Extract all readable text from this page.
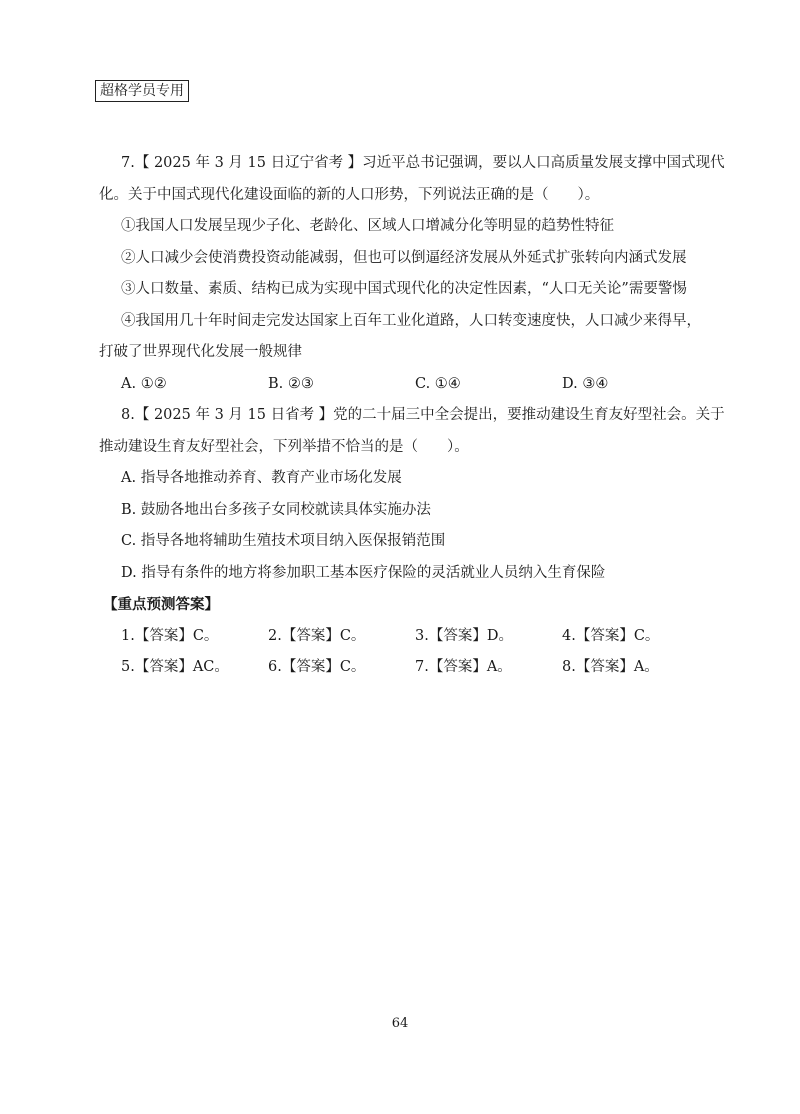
超格学员专用
7.【 2025 年 3 月 15 日辽宁省考 】习近平总书记强调，要以人口高质量发展支撑中国式现代
化。关于中国式现代化建设面临的新的人口形势，下列说法正确的是（　　）。
①我国人口发展呈现少子化、老龄化、区域人口增减分化等明显的趋势性特征
②人口减少会使消费投资动能减弱，但也可以倒逼经济发展从外延式扩张转向内涵式发展
③人口数量、素质、结构已成为实现中国式现代化的决定性因素，“人口无关论”需要警惕
④我国用几十年时间走完发达国家上百年工业化道路，人口转变速度快，人口减少来得早，
打破了世界现代化发展一般规律
A. ①②	B. ②③	C. ①④	D. ③④
8.【 2025 年 3 月 15 日省考 】党的二十届三中全会提出，要推动建设生育友好型社会。关于
推动建设生育友好型社会，下列举措不恰当的是（　　）。
A. 指导各地推动养育、教育产业市场化发展
B. 鼓励各地出台多孩子女同校就读具体实施办法
C. 指导各地将辅助生殖技术项目纳入医保报销范围
D. 指导有条件的地方将参加职工基本医疗保险的灵活就业人员纳入生育保险
【重点预测答案】
1.【答案】C。	2.【答案】C。	3.【答案】D。	4.【答案】C。
5.【答案】AC。	6.【答案】C。	7.【答案】A。	8.【答案】A。
64
